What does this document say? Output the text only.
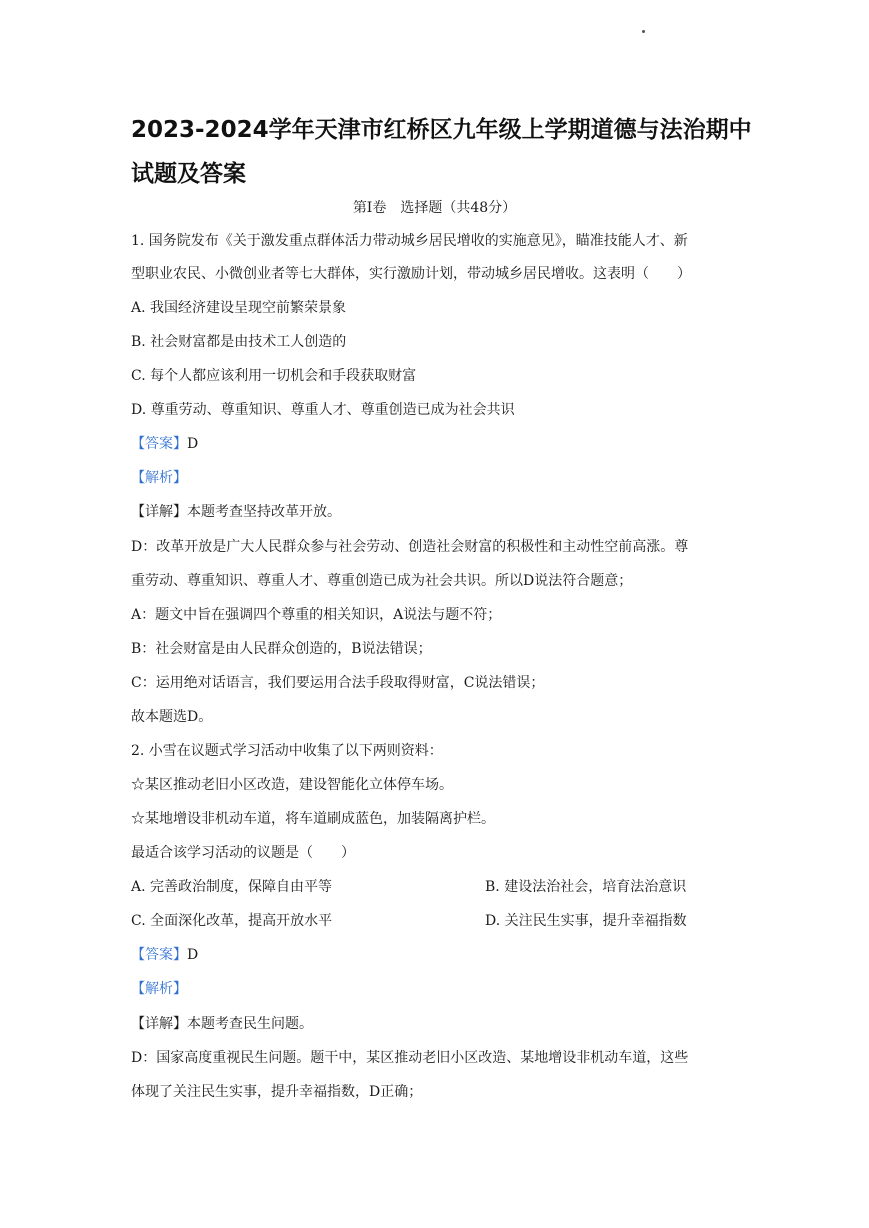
2023-2024学年天津市红桥区九年级上学期道德与法治期中
试题及答案
第Ⅰ卷　选择题（共48分）
1. 国务院发布《关于激发重点群体活力带动城乡居民增收的实施意见》，瞄准技能人才、新
型职业农民、小微创业者等七大群体，实行激励计划，带动城乡居民增收。这表明（　　）
A. 我国经济建设呈现空前繁荣景象
B. 社会财富都是由技术工人创造的
C. 每个人都应该利用一切机会和手段获取财富
D. 尊重劳动、尊重知识、尊重人才、尊重创造已成为社会共识
【答案】D
【解析】
【详解】本题考查坚持改革开放。
D：改革开放是广大人民群众参与社会劳动、创造社会财富的积极性和主动性空前高涨。尊
重劳动、尊重知识、尊重人才、尊重创造已成为社会共识。所以D说法符合题意；
A：题文中旨在强调四个尊重的相关知识，A说法与题不符；
B：社会财富是由人民群众创造的，B说法错误；
C：运用绝对话语言，我们要运用合法手段取得财富，C说法错误；
故本题选D。
2. 小雪在议题式学习活动中收集了以下两则资料：
☆某区推动老旧小区改造，建设智能化立体停车场。
☆某地增设非机动车道，将车道刷成蓝色，加装隔离护栏。
最适合该学习活动的议题是（　　）
A. 完善政治制度，保障自由平等	B. 建设法治社会，培育法治意识
C. 全面深化改革，提高开放水平	D. 关注民生实事，提升幸福指数
【答案】D
【解析】
【详解】本题考查民生问题。
D：国家高度重视民生问题。题干中，某区推动老旧小区改造、某地增设非机动车道，这些
体现了关注民生实事，提升幸福指数，D正确；
